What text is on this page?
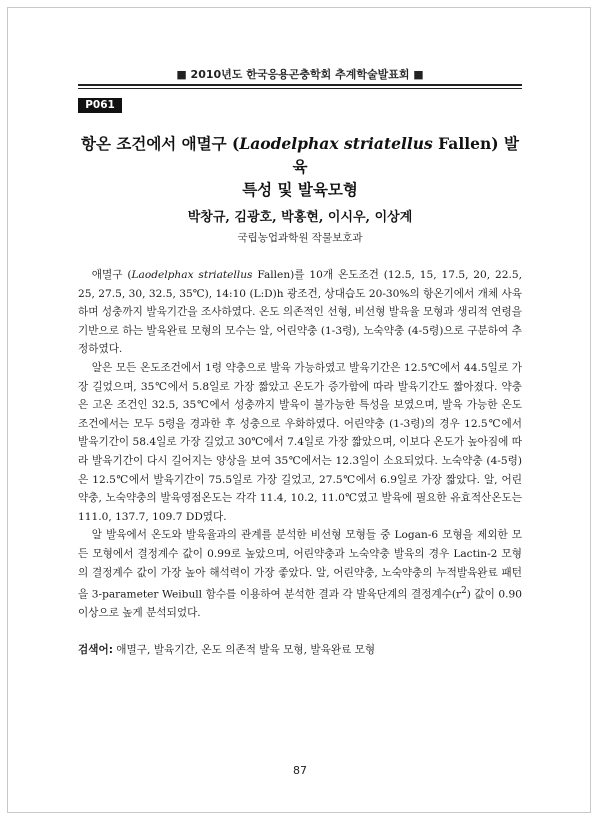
■ 2010년도 한국응용곤충학회 추계학술발표회 ■
P061
항온 조건에서 애멸구 (Laodelphax striatellus Fallen) 발육
특성 및 발육모형
박창규, 김광호, 박홍현, 이시우, 이상계
국립농업과학원 작물보호과

애멸구 (Laodelphax striatellus Fallen)를 10개 온도조건 (12.5, 15, 17.5, 20, 22.5, 25, 27.5, 30, 32.5, 35℃), 14:10 (L:D)h 광조건, 상대습도 20-30%의 항온기에서 개체 사육하며 성충까지 발육기간을 조사하였다. 온도 의존적인 선형, 비선형 발육율 모형과 생리적 연령을 기반으로 하는 발육완료 모형의 모수는 알, 어린약충 (1-3령), 노숙약충 (4-5령)으로 구분하여 추정하였다.

알은 모든 온도조건에서 1령 약충으로 발육 가능하였고 발육기간은 12.5℃에서 44.5일로 가장 길었으며, 35℃에서 5.8일로 가장 짧았고 온도가 증가함에 따라 발육기간도 짧아졌다. 약충은 고온 조건인 32.5, 35℃에서 성충까지 발육이 불가능한 특성을 보였으며, 발육 가능한 온도 조건에서는 모두 5령을 경과한 후 성충으로 우화하였다. 어린약충 (1-3령)의 경우 12.5℃에서 발육기간이 58.4일로 가장 길었고 30℃에서 7.4일로 가장 짧았으며, 이보다 온도가 높아짐에 따라 발육기간이 다시 길어지는 양상을 보여 35℃에서는 12.3일이 소요되었다. 노숙약충 (4-5령)은 12.5℃에서 발육기간이 75.5일로 가장 길었고, 27.5℃에서 6.9일로 가장 짧았다. 알, 어린약충, 노숙약충의 발육영점온도는 각각 11.4, 10.2, 11.0℃였고 발육에 필요한 유효적산온도는 111.0, 137.7, 109.7 DD였다.

알 발육에서 온도와 발육율과의 관계를 분석한 비선형 모형들 중 Logan-6 모형을 제외한 모든 모형에서 결정계수 값이 0.99로 높았으며, 어린약충과 노숙약충 발육의 경우 Lactin-2 모형의 결정계수 값이 가장 높아 해석력이 가장 좋았다. 알, 어린약충, 노숙약충의 누적발육완료 패턴을 3-parameter Weibull 함수를 이용하여 분석한 결과 각 발육단계의 결정계수$(r^2)$ 값이 0.90 이상으로 높게 분석되었다.

검색어: 애멸구, 발육기간, 온도 의존적 발육 모형, 발육완료 모형
87
